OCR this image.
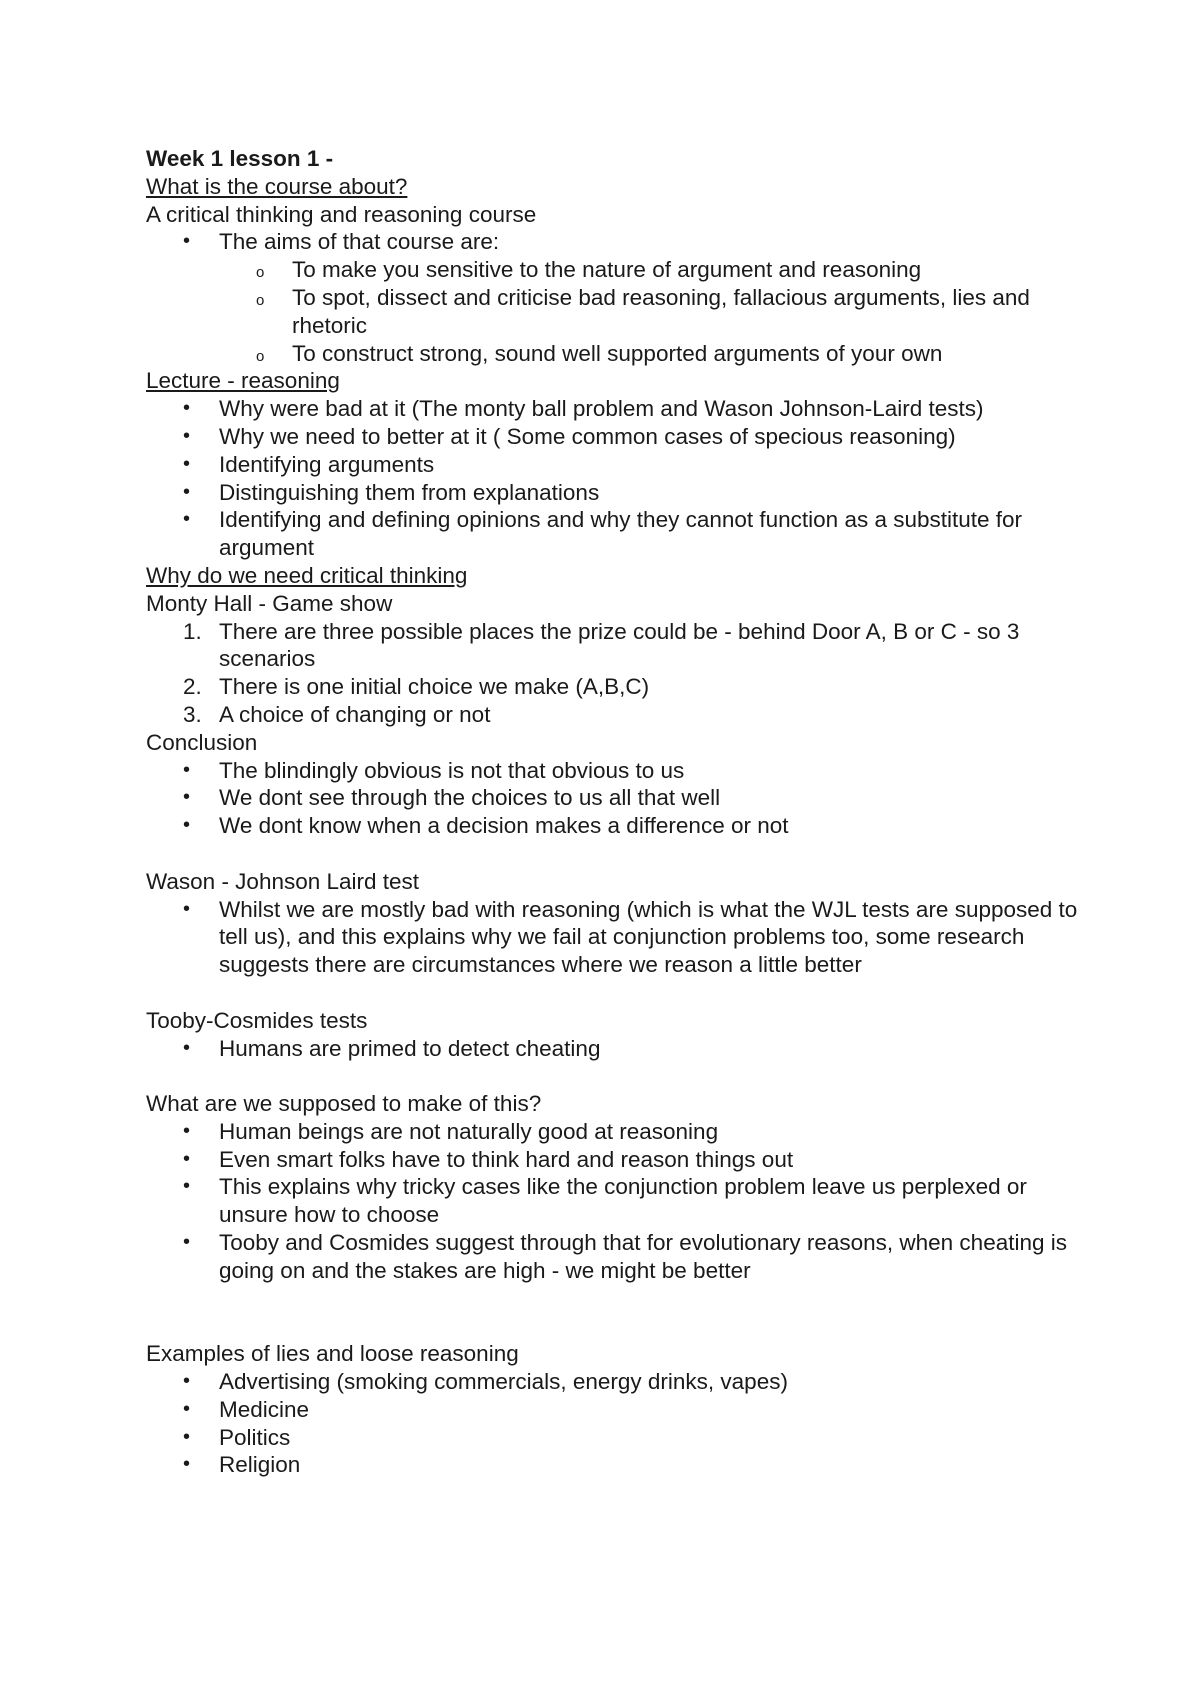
Week 1 lesson 1 -
What is the course about?
A critical thinking and reasoning course
• The aims of that course are:
o To make you sensitive to the nature of argument and reasoning
o To spot, dissect and criticise bad reasoning, fallacious arguments, lies and rhetoric
o To construct strong, sound well supported arguments of your own
Lecture - reasoning
• Why were bad at it (The monty ball problem and Wason Johnson-Laird tests)
• Why we need to better at it ( Some common cases of specious reasoning)
• Identifying arguments
• Distinguishing them from explanations
• Identifying and defining opinions and why they cannot function as a substitute for argument
Why do we need critical thinking
Monty Hall - Game show
1. There are three possible places the prize could be - behind Door A, B or C - so 3 scenarios
2. There is one initial choice we make (A,B,C)
3. A choice of changing or not
Conclusion
• The blindingly obvious is not that obvious to us
• We dont see through the choices to us all that well
• We dont know when a decision makes a difference or not
Wason - Johnson Laird test
• Whilst we are mostly bad with reasoning (which is what the WJL tests are supposed to tell us), and this explains why we fail at conjunction problems too, some research suggests there are circumstances where we reason a little better
Tooby-Cosmides tests
• Humans are primed to detect cheating
What are we supposed to make of this?
• Human beings are not naturally good at reasoning
• Even smart folks have to think hard and reason things out
• This explains why tricky cases like the conjunction problem leave us perplexed or unsure how to choose
• Tooby and Cosmides suggest through that for evolutionary reasons, when cheating is going on and the stakes are high - we might be better
Examples of lies and loose reasoning
• Advertising (smoking commercials, energy drinks, vapes)
• Medicine
• Politics
• Religion
